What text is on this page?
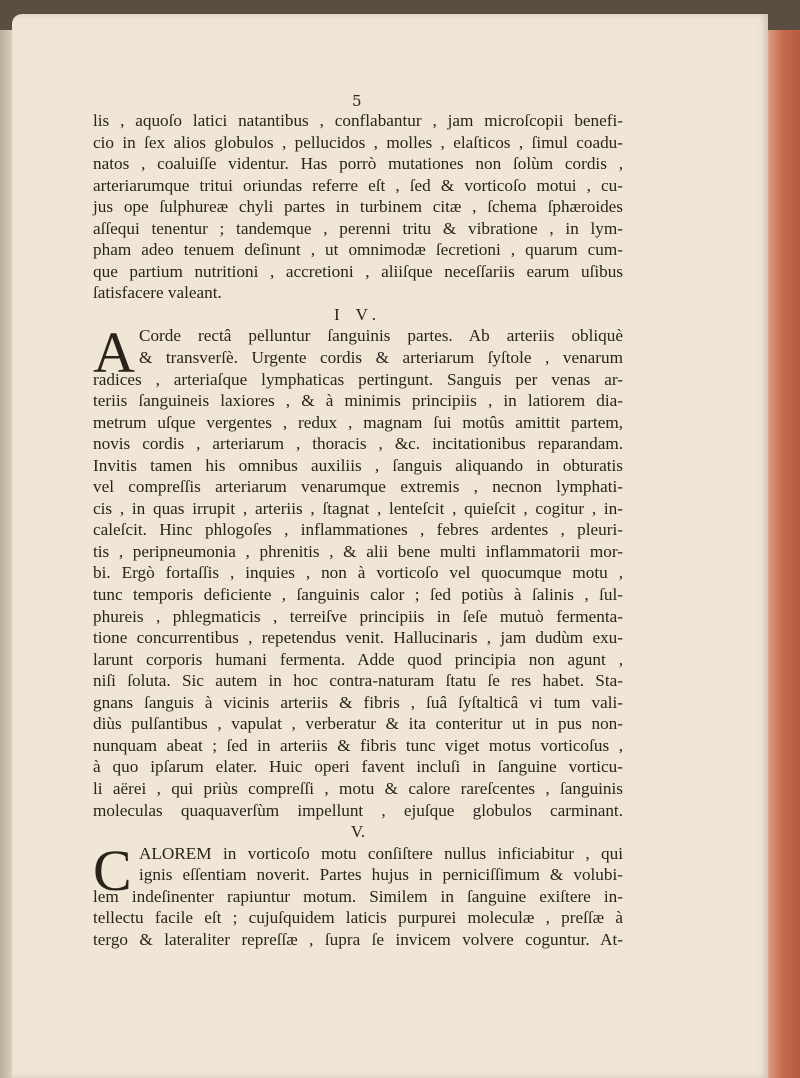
5
lis , aquoſo latici natantibus , conflabantur , jam microſcopii benefi-
cio in ſex alios globulos , pellucidos , molles , elaſticos , ſimul coadu-
natos , coaluiſſe videntur. Has porrò mutationes non ſolùm cordis ,
arteriarumque tritui oriundas referre eſt , ſed & vorticoſo motui , cu-
jus ope ſulphureæ chyli partes in turbinem citæ , ſchema ſphæroides
aſſequi tenentur ; tandemque , perenni tritu & vibratione , in lym-
pham adeo tenuem deſinunt , ut omnimodæ ſecretioni , quarum cum-
que partium nutritioni , accretioni , aliiſque neceſſariis earum uſibus
ſatisfacere valeant.
I V.
A Corde rectâ pelluntur ſanguinis partes. Ab arteriis obliquè
& transverſè. Urgente cordis & arteriarum ſyſtole , venarum
radices , arteriaſque lymphaticas pertingunt. Sanguis per venas ar-
teriis ſanguineis laxiores , & à minimis principiis , in latiorem dia-
metrum uſque vergentes , redux , magnam ſui motûs amittit partem,
novis cordis , arteriarum , thoracis , &c. incitationibus reparandam.
Invitis tamen his omnibus auxiliis , ſanguis aliquando in obturatis
vel compreſſis arteriarum venarumque extremis , necnon lymphati-
cis , in quas irrupit , arteriis , ſtagnat , lenteſcit , quieſcit , cogitur , in-
caleſcit. Hinc phlogoſes , inflammationes , febres ardentes , pleuri-
tis , peripneumonia , phrenitis , & alii bene multi inflammatorii mor-
bi. Ergò fortaſſis , inquies , non à vorticoſo vel quocumque motu ,
tunc temporis deficiente , ſanguinis calor ; ſed potiùs à ſalinis , ſul-
phureis , phlegmaticis , terreiſve principiis in ſeſe mutuò fermenta-
tione concurrentibus , repetendus venit. Hallucinaris , jam dudùm exu-
larunt corporis humani fermenta. Adde quod principia non agunt ,
niſi ſoluta. Sic autem in hoc contra-naturam ſtatu ſe res habet. Sta-
gnans ſanguis à vicinis arteriis & fibris , ſuâ ſyſtalticâ vi tum vali-
diùs pulſantibus , vapulat , verberatur & ita conteritur ut in pus non-
nunquam abeat ; ſed in arteriis & fibris tunc viget motus vorticoſus ,
à quo ipſarum elater. Huic operi favent incluſi in ſanguine vorticu-
li aërei , qui priùs compreſſi , motu & calore rareſcentes , ſanguinis
moleculas quaquaverſùm impellunt , ejuſque globulos carminant.
V.
C ALOREM in vorticoſo motu conſiſtere nullus inficiabitur , qui
ignis eſſentiam noverit. Partes hujus in perniciſſimum & volubi-
lem indeſinenter rapiuntur motum. Similem in ſanguine exiſtere in-
tellectu facile eſt ; cujuſquidem laticis purpurei moleculæ , preſſæ à
tergo & lateraliter repreſſæ , ſupra ſe invicem volvere coguntur. At-
